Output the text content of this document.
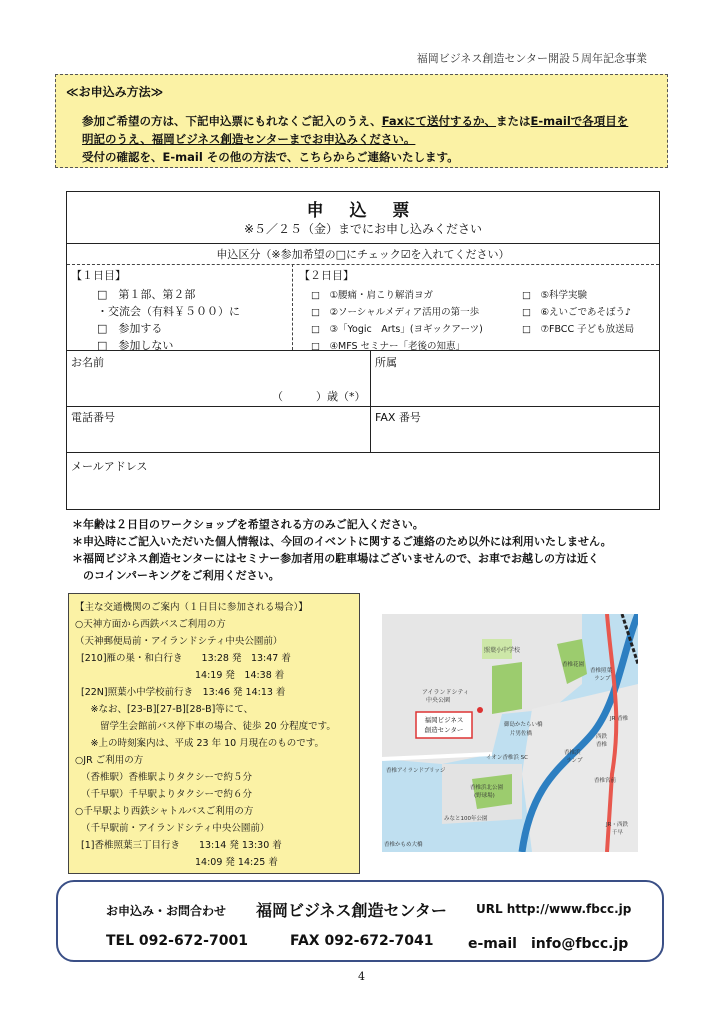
福岡ビジネス創造センター開設５周年記念事業
≪お申込み方法≫
参加ご希望の方は、下記申込票にもれなくご記入のうえ、Faxにて送付するか、またはE-mailで各項目を
明記のうえ、福岡ビジネス創造センターまでお申込みください。
受付の確認を、E-mail その他の方法で、こちらからご連絡いたします。
申 込 票
※５／２５（金）までにお申し込みください
申込区分（※参加希望の□にチェック☑を入れてください）
【１日目】
□　第１部、第２部
・交流会（有料￥５００）に
□　参加する
□　参加しない
【２日目】
□　①腰痛・肩こり解消ヨガ
□　②ソーシャルメディア活用の第一歩
□　③「Yogic　Arts」(ヨギックアーツ)
□　④MFS セミナー「老後の知恵」
□　⑤科学実験
□　⑥えいごであそぼう♪
□　⑦FBCC 子ども放送局
お名前
（　　　）歳（*）
所属
電話番号	FAX 番号
メールアドレス
＊年齢は２日目のワークショップを希望される方のみご記入ください。
＊申込時にご記入いただいた個人情報は、今回のイベントに関するご連絡のため以外には利用いたしません。
＊福岡ビジネス創造センターにはセミナー参加者用の駐車場はございませんので、お車でお越しの方は近く
　のコインパーキングをご利用ください。
【主な交通機関のご案内（１日目に参加される場合）】
○天神方面から西鉄バスご利用の方
（天神郵便局前・アイランドシティ中央公園前）
[210]雁の巣・和白行き　　13:28 発　13:47 着
　　　　　　　　　　　　14:19 発　14:38 着
[22N]照葉小中学校前行き　13:46 発 14:13 着
　※なお、[23-B][27-B][28-B]等にて、
　　留学生会館前バス停下車の場合、徒歩 20 分程度です。
　※上の時刻案内は、平成 23 年 10 月現在のものです。
○JR ご利用の方
（香椎駅）香椎駅よりタクシーで約５分
（千早駅）千早駅よりタクシーで約６分
○千早駅より西鉄シャトルバスご利用の方
（千早駅前・アイランドシティ中央公園前）
[1]香椎照葉三丁目行き　　13:14 発 13:30 着
　　　　　　　　　　　　14:09 発 14:25 着
福岡ビジネス
創造センター
照葉小中学校
アイランドシティ
中央公園
香椎アイランドブリッジ
御島かたらい橋
片男佐橋
イオン香椎浜 SC
香椎浜北公園
(野球場)
みなと100年公園
香椎かもめ大橋
香椎花園
香椎照葉
ランプ
JR 香椎
西鉄
香椎
香椎浜
ランプ
香椎宮前
JR・西鉄
千早
お申込み・お問合わせ 福岡ビジネス創造センター URL http://www.fbcc.jp
TEL 092-672-7001	FAX 092-672-7041 e-mail　info@fbcc.jp
4
